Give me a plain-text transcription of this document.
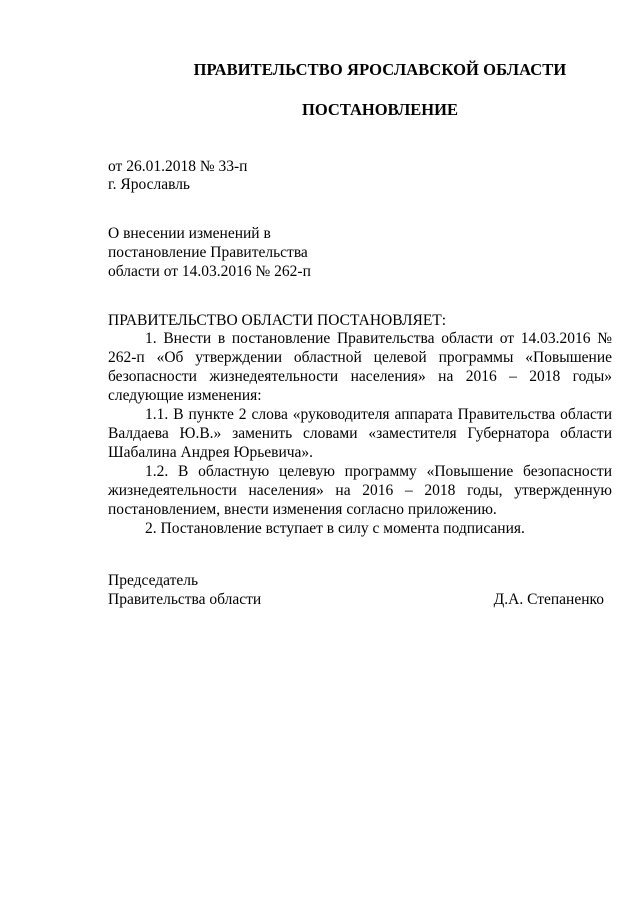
ПРАВИТЕЛЬСТВО ЯРОСЛАВСКОЙ ОБЛАСТИ
ПОСТАНОВЛЕНИЕ
от 26.01.2018 № 33-п
г. Ярославль
О внесении изменений в
постановление Правительства
области от 14.03.2016 № 262-п
ПРАВИТЕЛЬСТВО ОБЛАСТИ ПОСТАНОВЛЯЕТ:

1. Внести в постановление Правительства области от 14.03.2016 № 262-п «Об утверждении областной целевой программы «Повышение безопасности жизнедеятельности населения» на 2016 – 2018 годы» следующие изменения:

1.1. В пункте 2 слова «руководителя аппарата Правительства области Валдаева Ю.В.» заменить словами «заместителя Губернатора области Шабалина Андрея Юрьевича».

1.2. В областную целевую программу «Повышение безопасности жизнедеятельности населения» на 2016 – 2018 годы, утвержденную постановлением, внести изменения согласно приложению.

2. Постановление вступает в силу с момента подписания.

Председатель
Правительства области	Д.А. Степаненко
